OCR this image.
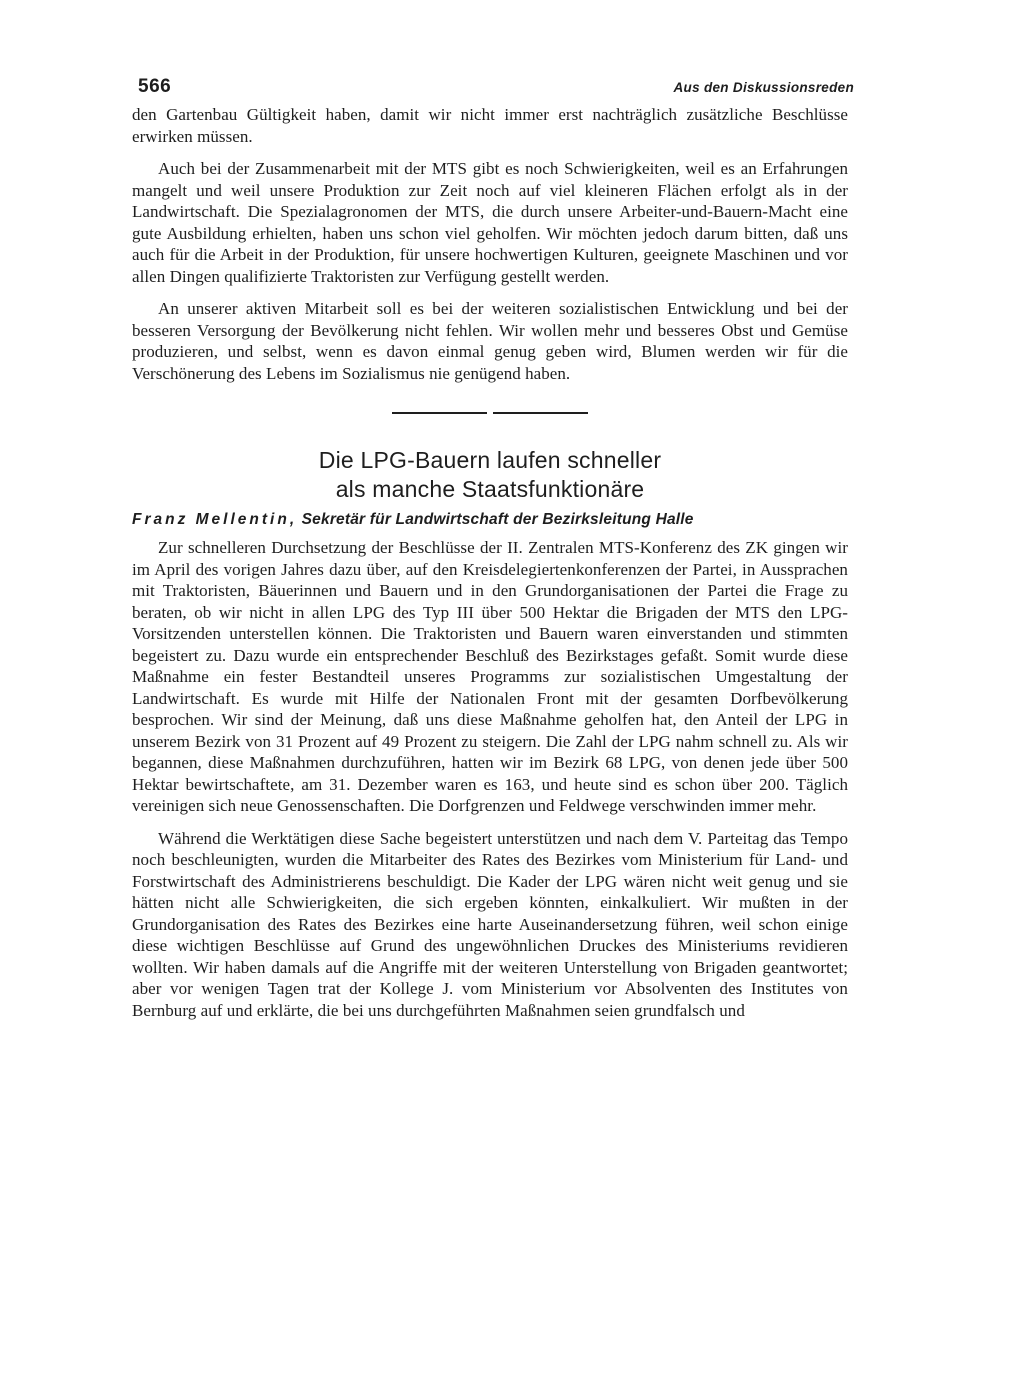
566	Aus den Diskussionsreden

den Gartenbau Gültigkeit haben, damit wir nicht immer erst nachträglich zusätzliche Beschlüsse erwirken müssen.

Auch bei der Zusammenarbeit mit der MTS gibt es noch Schwierigkeiten, weil es an Erfahrungen mangelt und weil unsere Produktion zur Zeit noch auf viel kleineren Flächen erfolgt als in der Landwirtschaft. Die Spezialagronomen der MTS, die durch unsere Arbeiter-und-Bauern-Macht eine gute Ausbildung erhielten, haben uns schon viel geholfen. Wir möchten jedoch darum bitten, daß uns auch für die Arbeit in der Produktion, für unsere hochwertigen Kulturen, geeignete Maschinen und vor allen Dingen qualifizierte Traktoristen zur Verfügung gestellt werden.

An unserer aktiven Mitarbeit soll es bei der weiteren sozialistischen Entwicklung und bei der besseren Versorgung der Bevölkerung nicht fehlen. Wir wollen mehr und besseres Obst und Gemüse produzieren, und selbst, wenn es davon einmal genug geben wird, Blumen werden wir für die Verschönerung des Lebens im Sozialismus nie genügend haben.

Die LPG-Bauern laufen schneller
als manche Staatsfunktionäre
Franz Mellentin, Sekretär für Landwirtschaft der Bezirksleitung Halle

Zur schnelleren Durchsetzung der Beschlüsse der II. Zentralen MTS-Konferenz des ZK gingen wir im April des vorigen Jahres dazu über, auf den Kreisdelegiertenkonferenzen der Partei, in Aussprachen mit Traktoristen, Bäuerinnen und Bauern und in den Grundorganisationen der Partei die Frage zu beraten, ob wir nicht in allen LPG des Typ III über 500 Hektar die Brigaden der MTS den LPG-Vorsitzenden unterstellen können. Die Traktoristen und Bauern waren einverstanden und stimmten begeistert zu. Dazu wurde ein entsprechender Beschluß des Bezirkstages gefaßt. Somit wurde diese Maßnahme ein fester Bestandteil unseres Programms zur sozialistischen Umgestaltung der Landwirtschaft. Es wurde mit Hilfe der Nationalen Front mit der gesamten Dorfbevölkerung besprochen. Wir sind der Meinung, daß uns diese Maßnahme geholfen hat, den Anteil der LPG in unserem Bezirk von 31 Prozent auf 49 Prozent zu steigern. Die Zahl der LPG nahm schnell zu. Als wir begannen, diese Maßnahmen durchzuführen, hatten wir im Bezirk 68 LPG, von denen jede über 500 Hektar bewirtschaftete, am 31. Dezember waren es 163, und heute sind es schon über 200. Täglich vereinigen sich neue Genossenschaften. Die Dorfgrenzen und Feldwege verschwinden immer mehr.

Während die Werktätigen diese Sache begeistert unterstützen und nach dem V. Parteitag das Tempo noch beschleunigten, wurden die Mitarbeiter des Rates des Bezirkes vom Ministerium für Land- und Forstwirtschaft des Administrierens beschuldigt. Die Kader der LPG wären nicht weit genug und sie hätten nicht alle Schwierigkeiten, die sich ergeben könnten, einkalkuliert. Wir mußten in der Grundorganisation des Rates des Bezirkes eine harte Auseinandersetzung führen, weil schon einige diese wichtigen Beschlüsse auf Grund des ungewöhnlichen Druckes des Ministeriums revidieren wollten. Wir haben damals auf die Angriffe mit der weiteren Unterstellung von Brigaden geantwortet; aber vor wenigen Tagen trat der Kollege J. vom Ministerium vor Absolventen des Institutes von Bernburg auf und erklärte, die bei uns durchgeführten Maßnahmen seien grundfalsch und
